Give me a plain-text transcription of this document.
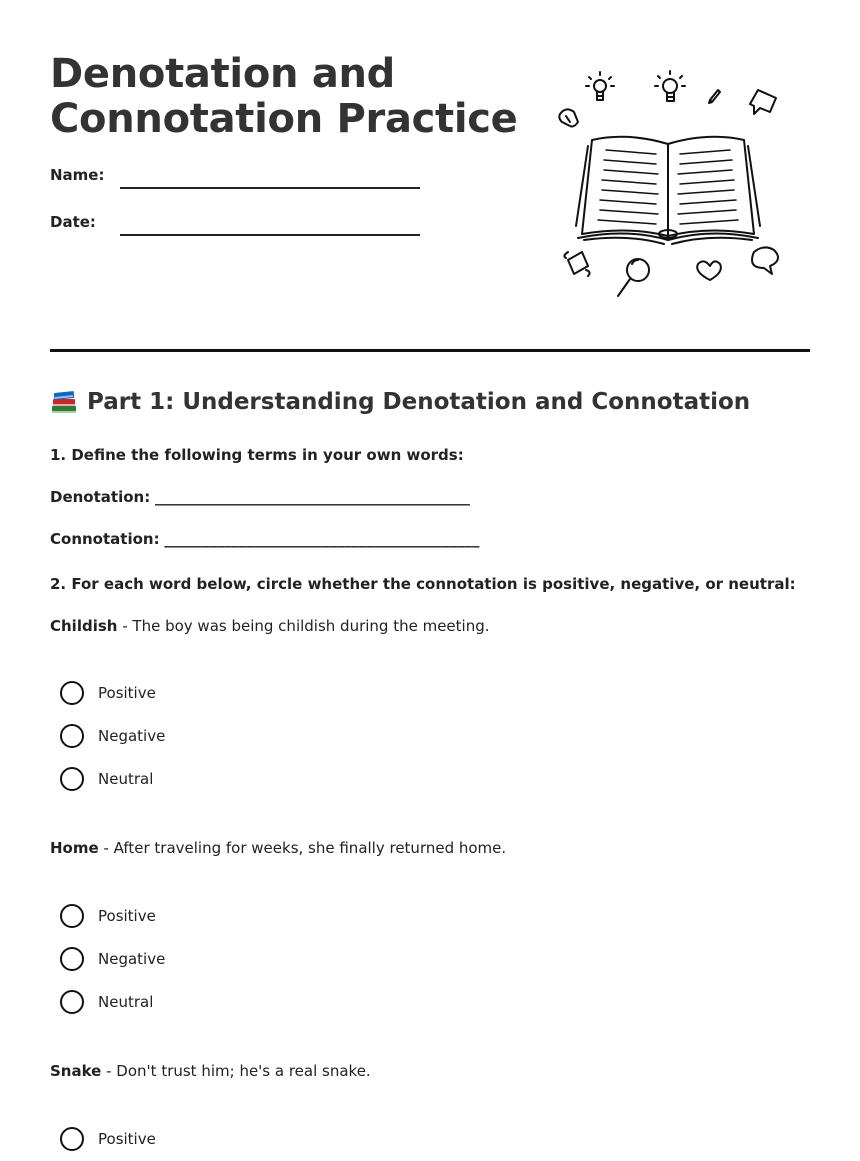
Denotation and
Connotation Practice
Name:
Date:
Part 1: Understanding Denotation and Connotation
1. Define the following terms in your own words:
Denotation: __________________________________________
Connotation: __________________________________________
2. For each word below, circle whether the connotation is positive, negative, or neutral:
Childish - The boy was being childish during the meeting.
Positive
Negative
Neutral
Home - After traveling for weeks, she finally returned home.
Positive
Negative
Neutral
Snake - Don't trust him; he's a real snake.
Positive
